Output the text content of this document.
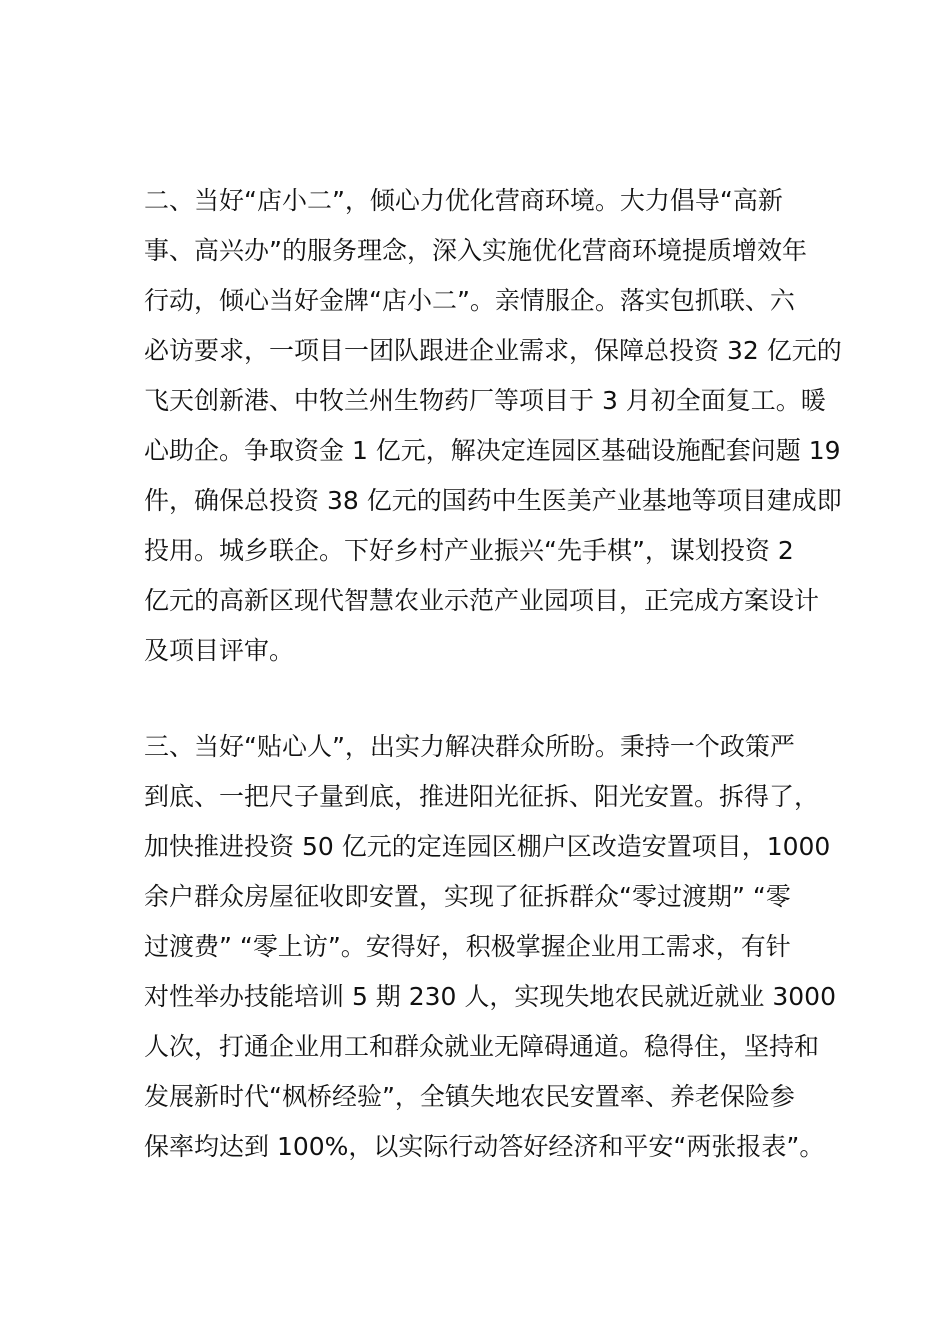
二、当好“店小二”，倾心力优化营商环境。大力倡导“高新
事、高兴办”的服务理念，深入实施优化营商环境提质增效年
行动，倾心当好金牌“店小二”。亲情服企。落实包抓联、六
必访要求，一项目一团队跟进企业需求，保障总投资 32 亿元的
飞天创新港、中牧兰州生物药厂等项目于 3 月初全面复工。暖
心助企。争取资金 1 亿元，解决定连园区基础设施配套问题 19
件，确保总投资 38 亿元的国药中生医美产业基地等项目建成即
投用。城乡联企。下好乡村产业振兴“先手棋”，谋划投资 2
亿元的高新区现代智慧农业示范产业园项目，正完成方案设计
及项目评审。
三、当好“贴心人”，出实力解决群众所盼。秉持一个政策严
到底、一把尺子量到底，推进阳光征拆、阳光安置。拆得了，
加快推进投资 50 亿元的定连园区棚户区改造安置项目，1000
余户群众房屋征收即安置，实现了征拆群众“零过渡期” “零
过渡费” “零上访”。安得好，积极掌握企业用工需求，有针
对性举办技能培训 5 期 230 人，实现失地农民就近就业 3000
人次，打通企业用工和群众就业无障碍通道。稳得住，坚持和
发展新时代“枫桥经验”，全镇失地农民安置率、养老保险参
保率均达到 100%，以实际行动答好经济和平安“两张报表”。
